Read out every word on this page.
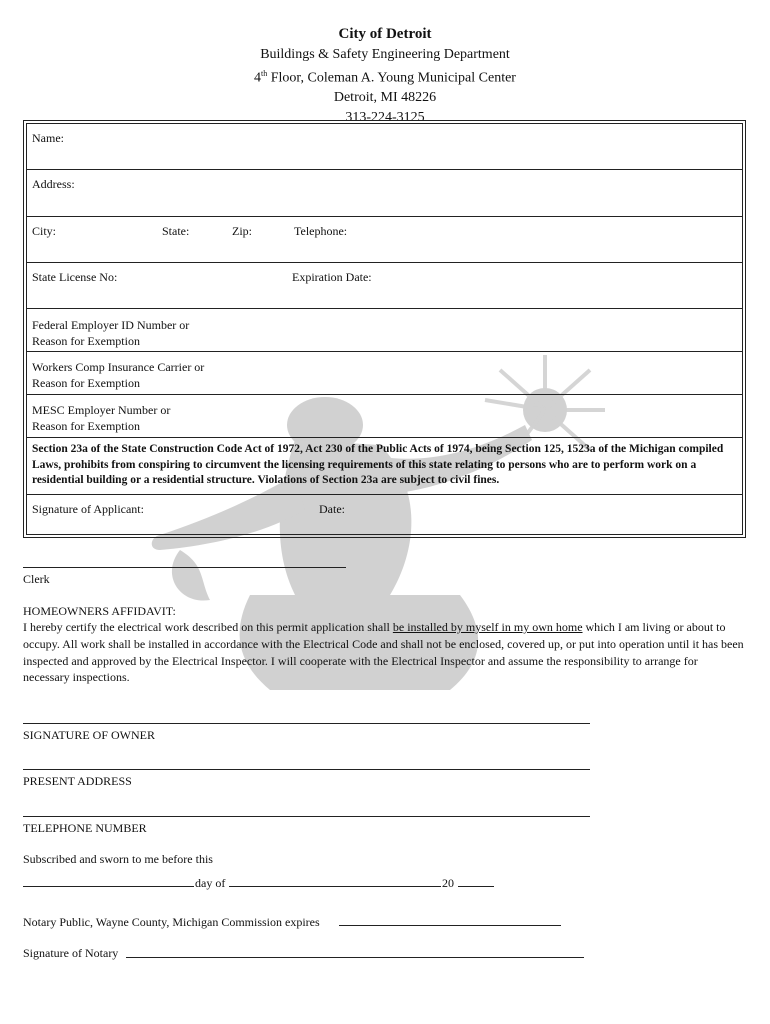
City of Detroit
Buildings & Safety Engineering Department
4th Floor, Coleman A. Young Municipal Center
Detroit, MI 48226
313-224-3125
Name:
Address:
City:	State:	Zip:	Telephone:
State License No:	Expiration Date:
Federal Employer ID Number or
Reason for Exemption
Workers Comp Insurance Carrier or
Reason for Exemption
MESC Employer Number or
Reason for Exemption
Section 23a of the State Construction Code Act of 1972, Act 230 of the Public Acts of 1974, being Section 125, 1523a of the Michigan compiled Laws, prohibits from conspiring to circumvent the licensing requirements of this state relating to persons who are to perform work on a residential building or a residential structure. Violations of Section 23a are subject to civil fines.
Signature of Applicant:	Date:
Clerk
HOMEOWNERS AFFIDAVIT:
I hereby certify the electrical work described on this permit application shall be installed by myself in my own home which I am living or about to occupy. All work shall be installed in accordance with the Electrical Code and shall not be enclosed, covered up, or put into operation until it has been inspected and approved by the Electrical Inspector. I will cooperate with the Electrical Inspector and assume the responsibility to arrange for necessary inspections.
SIGNATURE OF OWNER
PRESENT ADDRESS
TELEPHONE NUMBER
Subscribed and sworn to me before this
day of	20
Notary Public, Wayne County, Michigan Commission expires
Signature of Notary
